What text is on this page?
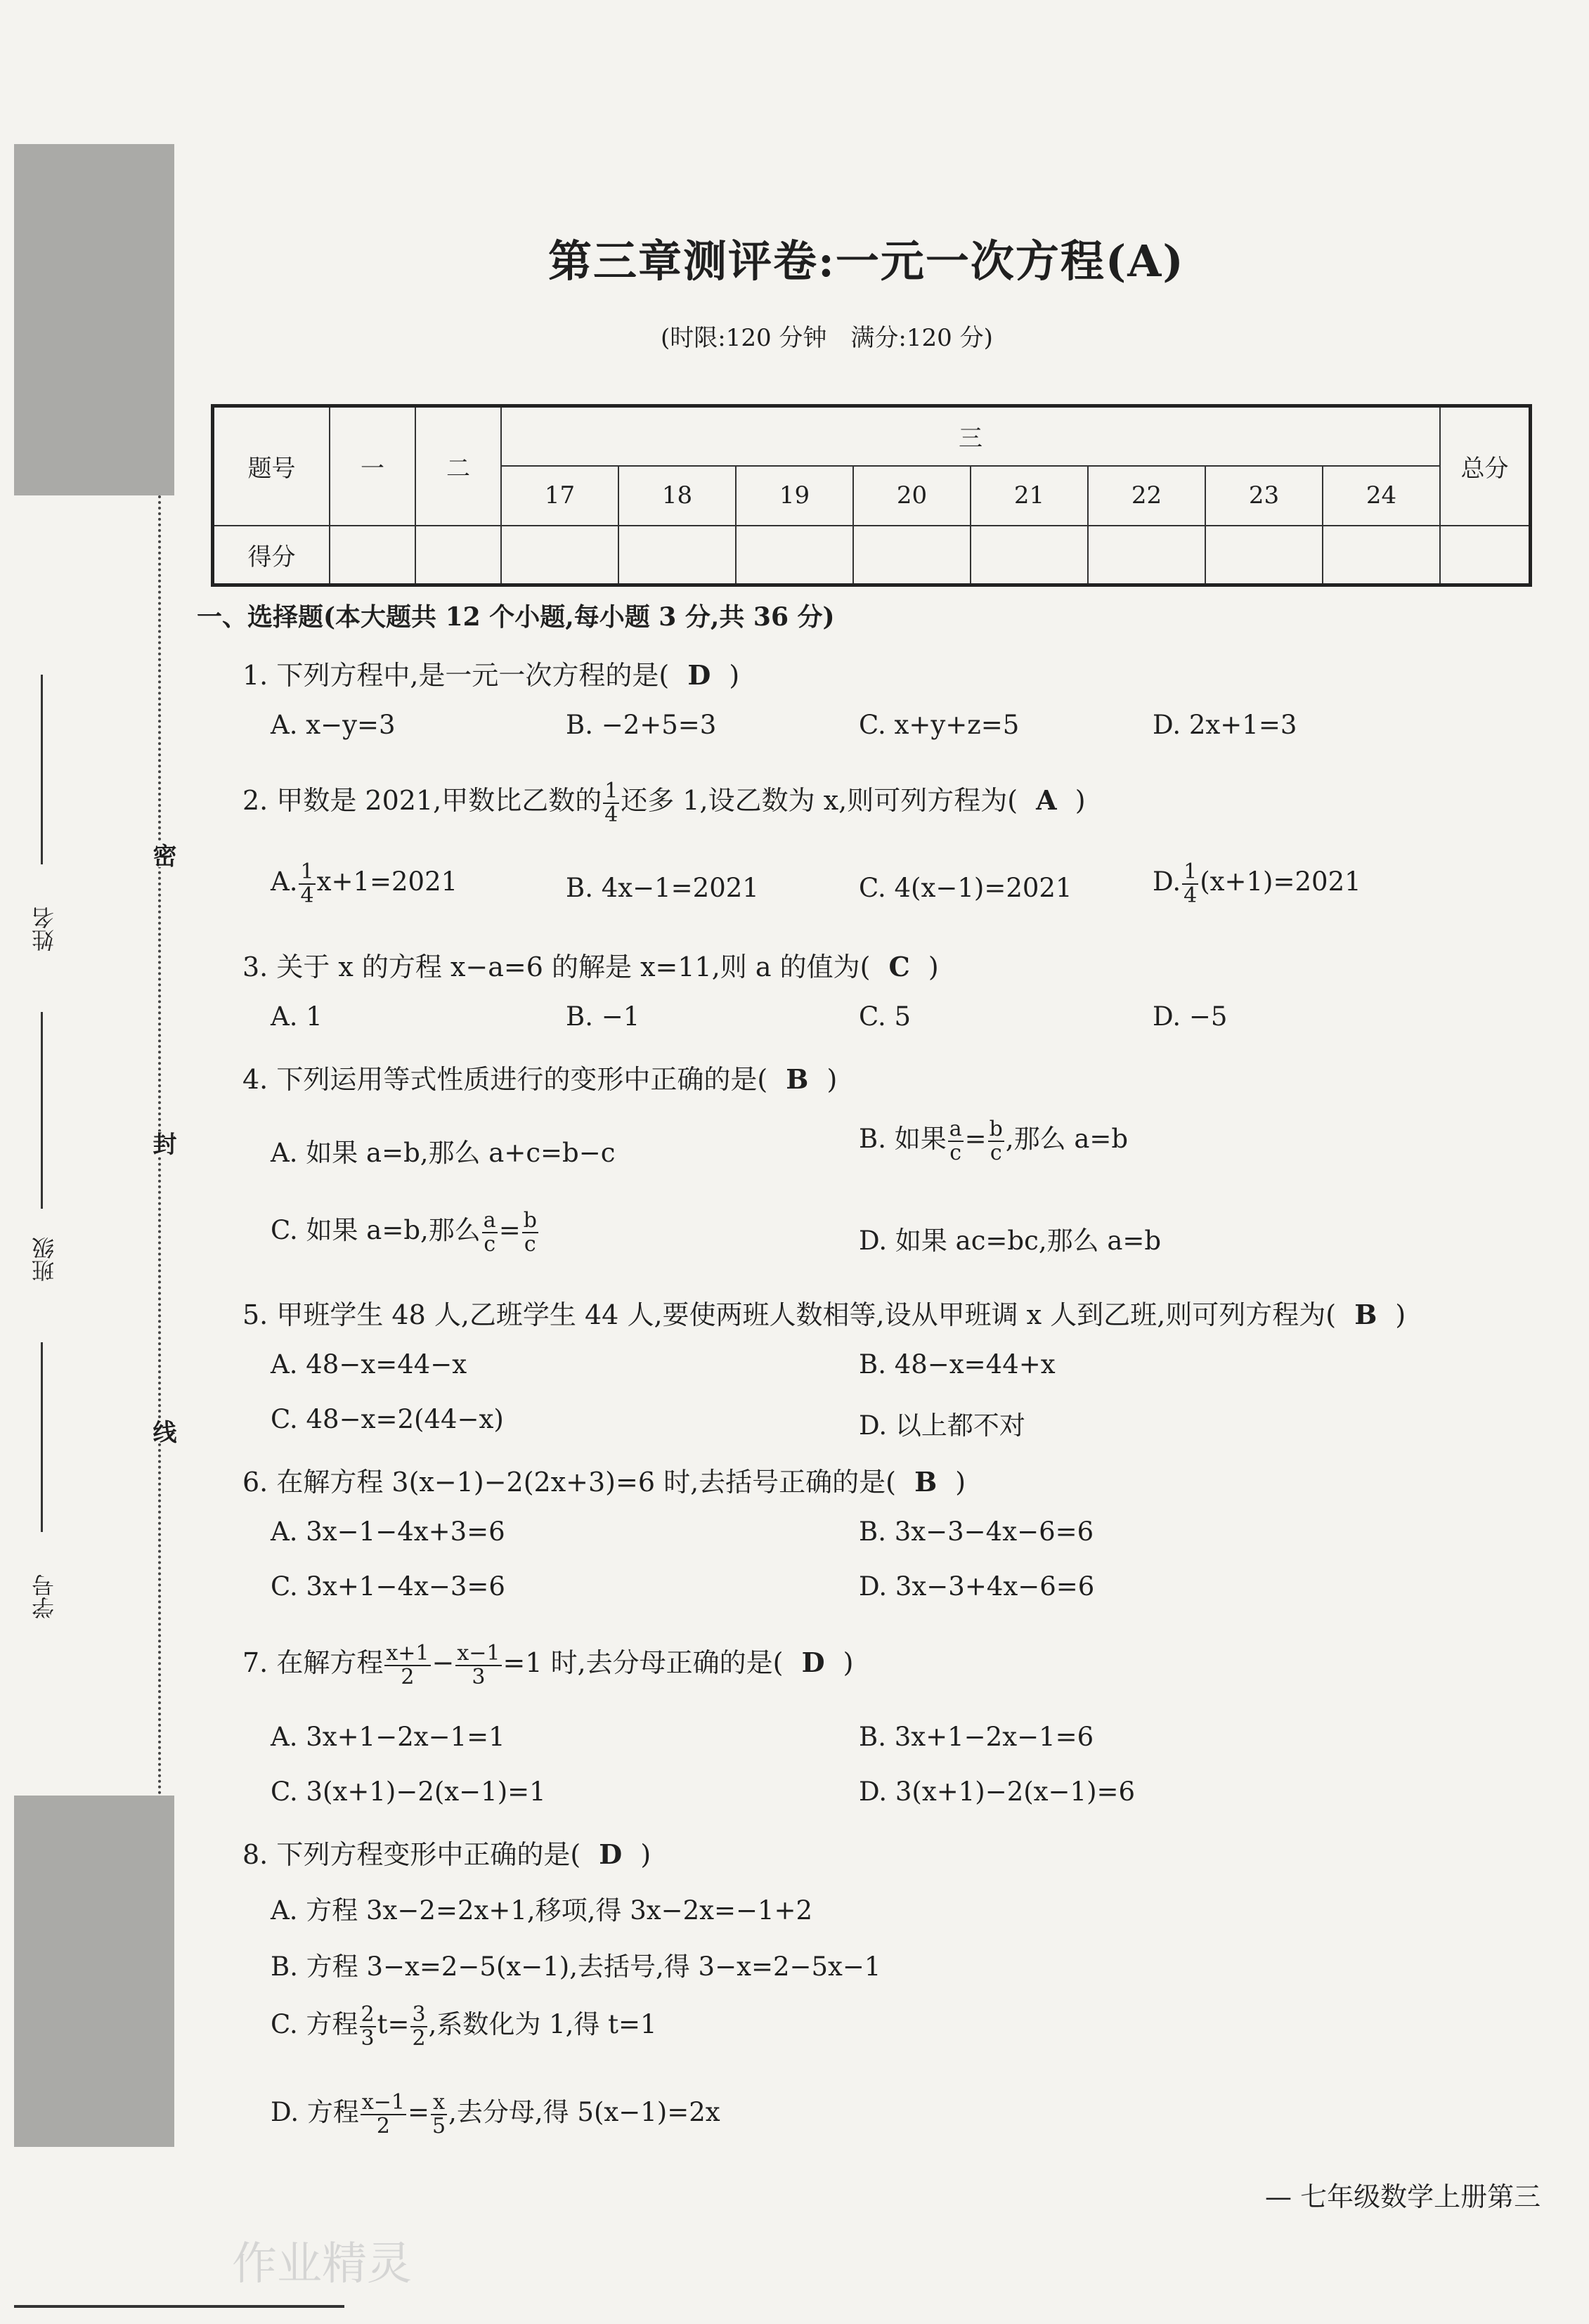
密
封
线
姓名
班级
学号
第三章测评卷:一元一次方程(A)
(时限:120 分钟　满分:120 分)
题号	一	二	三								总分
			17	18	19	20	21	22	23	24	
得分											
一、选择题(本大题共 12 个小题,每小题 3 分,共 36 分)
1. 下列方程中,是一元一次方程的是( D )
A. x−y=3	B. −2+5=3	C. x+y+z=5	D. 2x+1=3
2. 甲数是 2021,甲数比乙数的 $\frac{1}{4}$ 还多 1,设乙数为 x,则可列方程为( A )
A. $\frac{1}{4} x+1=2021$	B. 4x−1=2021	C. 4(x−1)=2021	D. $\frac{1}{4} (x+1)=2021$
3. 关于 x 的方程 x−a=6 的解是 x=11,则 a 的值为( C )
A. 1	B. −1	C. 5	D. −5
4. 下列运用等式性质进行的变形中正确的是( B )
A. 如果 a=b,那么 a+c=b−c	B. 如果 $\frac{a}{c} = \frac{b}{c}$ ,那么 a=b
C. 如果 a=b,那么 $\frac{a}{c} = \frac{b}{c}$	D. 如果 ac=bc,那么 a=b
5. 甲班学生 48 人,乙班学生 44 人,要使两班人数相等,设从甲班调 x 人到乙班,则可列方程为( B )
A. 48−x=44−x	B. 48−x=44+x
C. 48−x=2(44−x)	D. 以上都不对
6. 在解方程 3(x−1)−2(2x+3)=6 时,去括号正确的是( B )
A. 3x−1−4x+3=6	B. 3x−3−4x−6=6
C. 3x+1−4x−3=6	D. 3x−3+4x−6=6
7. 在解方程 $\frac{x+1}{2} - \frac{x-1}{3} =1$ 时,去分母正确的是( D )
A. 3x+1−2x−1=1	B. 3x+1−2x−1=6
C. 3(x+1)−2(x−1)=1	D. 3(x+1)−2(x−1)=6
8. 下列方程变形中正确的是( D )
A. 方程 3x−2=2x+1,移项,得 3x−2x=−1+2
B. 方程 3−x=2−5(x−1),去括号,得 3−x=2−5x−1
C. 方程 $\frac{2}{3} t= \frac{3}{2}$ ,系数化为 1,得 t=1
D. 方程 $\frac{x-1}{2} = \frac{x}{5}$ ,去分母,得 5(x−1)=2x
作业精灵
— 七年级数学上册第三
